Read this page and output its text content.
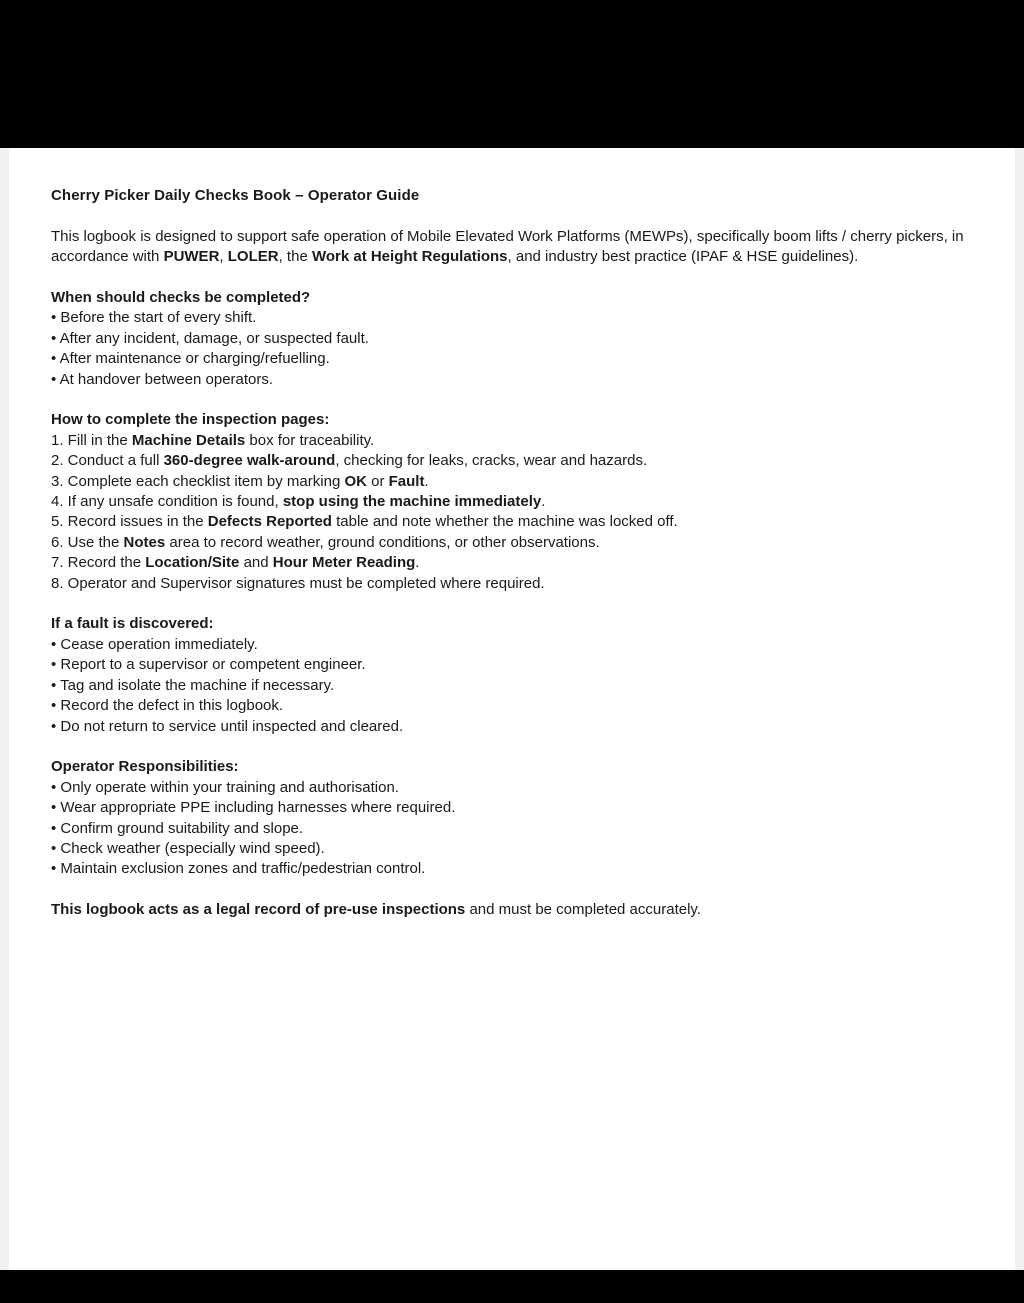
Cherry Picker Daily Checks Book – Operator Guide

This logbook is designed to support safe operation of Mobile Elevated Work Platforms (MEWPs), specifically boom lifts / cherry pickers, in accordance with PUWER, LOLER, the Work at Height Regulations, and industry best practice (IPAF & HSE guidelines).

When should checks be completed?

• Before the start of every shift.

• After any incident, damage, or suspected fault.

• After maintenance or charging/refuelling.

• At handover between operators.

How to complete the inspection pages:

1. Fill in the Machine Details box for traceability.

2. Conduct a full 360-degree walk-around, checking for leaks, cracks, wear and hazards.

3. Complete each checklist item by marking OK or Fault.

4. If any unsafe condition is found, stop using the machine immediately.

5. Record issues in the Defects Reported table and note whether the machine was locked off.

6. Use the Notes area to record weather, ground conditions, or other observations.

7. Record the Location/Site and Hour Meter Reading.

8. Operator and Supervisor signatures must be completed where required.

If a fault is discovered:

• Cease operation immediately.

• Report to a supervisor or competent engineer.

• Tag and isolate the machine if necessary.

• Record the defect in this logbook.

• Do not return to service until inspected and cleared.

Operator Responsibilities:

• Only operate within your training and authorisation.

• Wear appropriate PPE including harnesses where required.

• Confirm ground suitability and slope.

• Check weather (especially wind speed).

• Maintain exclusion zones and traffic/pedestrian control.

This logbook acts as a legal record of pre-use inspections and must be completed accurately.
